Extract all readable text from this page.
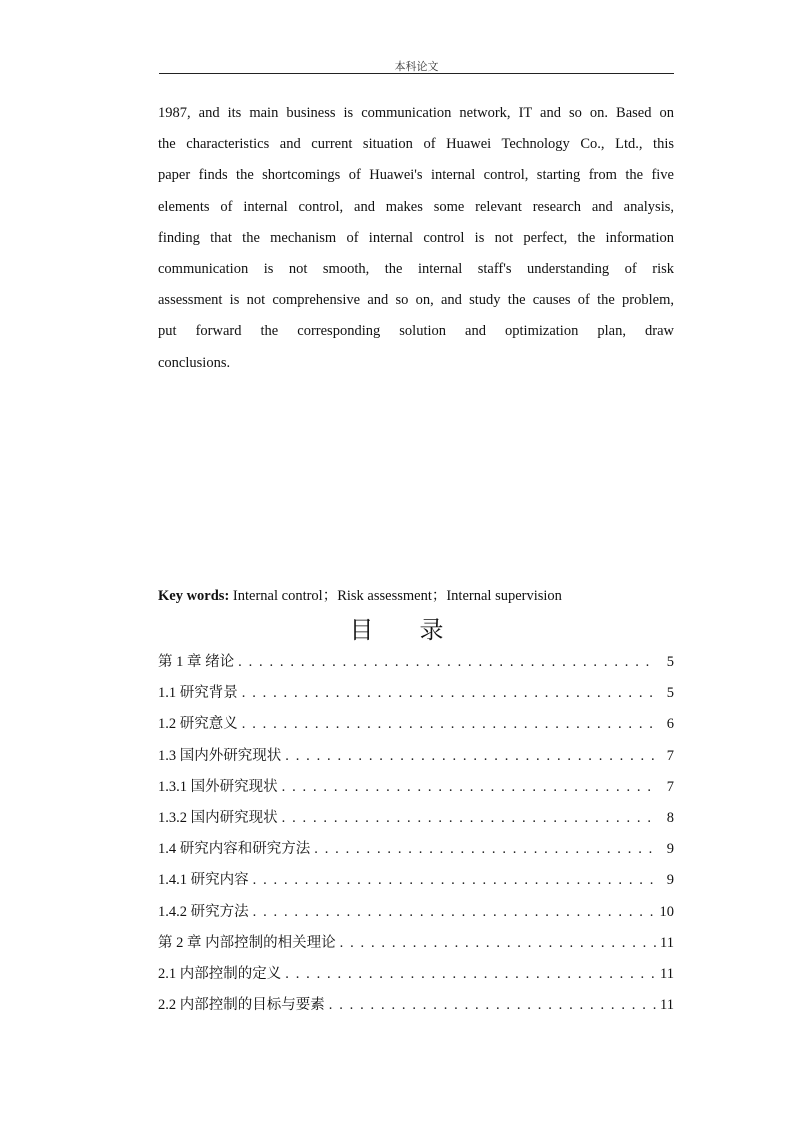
本科论文
1987, and its main business is communication network, IT and so on. Based on
the characteristics and current situation of Huawei Technology Co., Ltd., this
paper finds the shortcomings of Huawei's internal control, starting from the five
elements of internal control, and makes some relevant research and analysis,
finding that the mechanism of internal control is not perfect, the information
communication is not smooth, the internal staff's understanding of risk
assessment is not comprehensive and so on, and study the causes of the problem,
put forward the corresponding solution and optimization plan, draw
conclusions.
Key words: Internal control；Risk assessment；Internal supervision
目 录
第 1 章 绪论 . . .	5
1.1 研究背景 . . .	5
1.2 研究意义 . . .	6
1.3 国内外研究现状 . . .	7
1.3.1 国外研究现状 . . .	7
1.3.2 国内研究现状 . . .	8
1.4 研究内容和研究方法 . . .	9
1.4.1 研究内容 . . .	9
1.4.2 研究方法 . . .	10
第 2 章 内部控制的相关理论 . . .	11
2.1 内部控制的定义 . . .	11
2.2 内部控制的目标与要素 . . .	11
